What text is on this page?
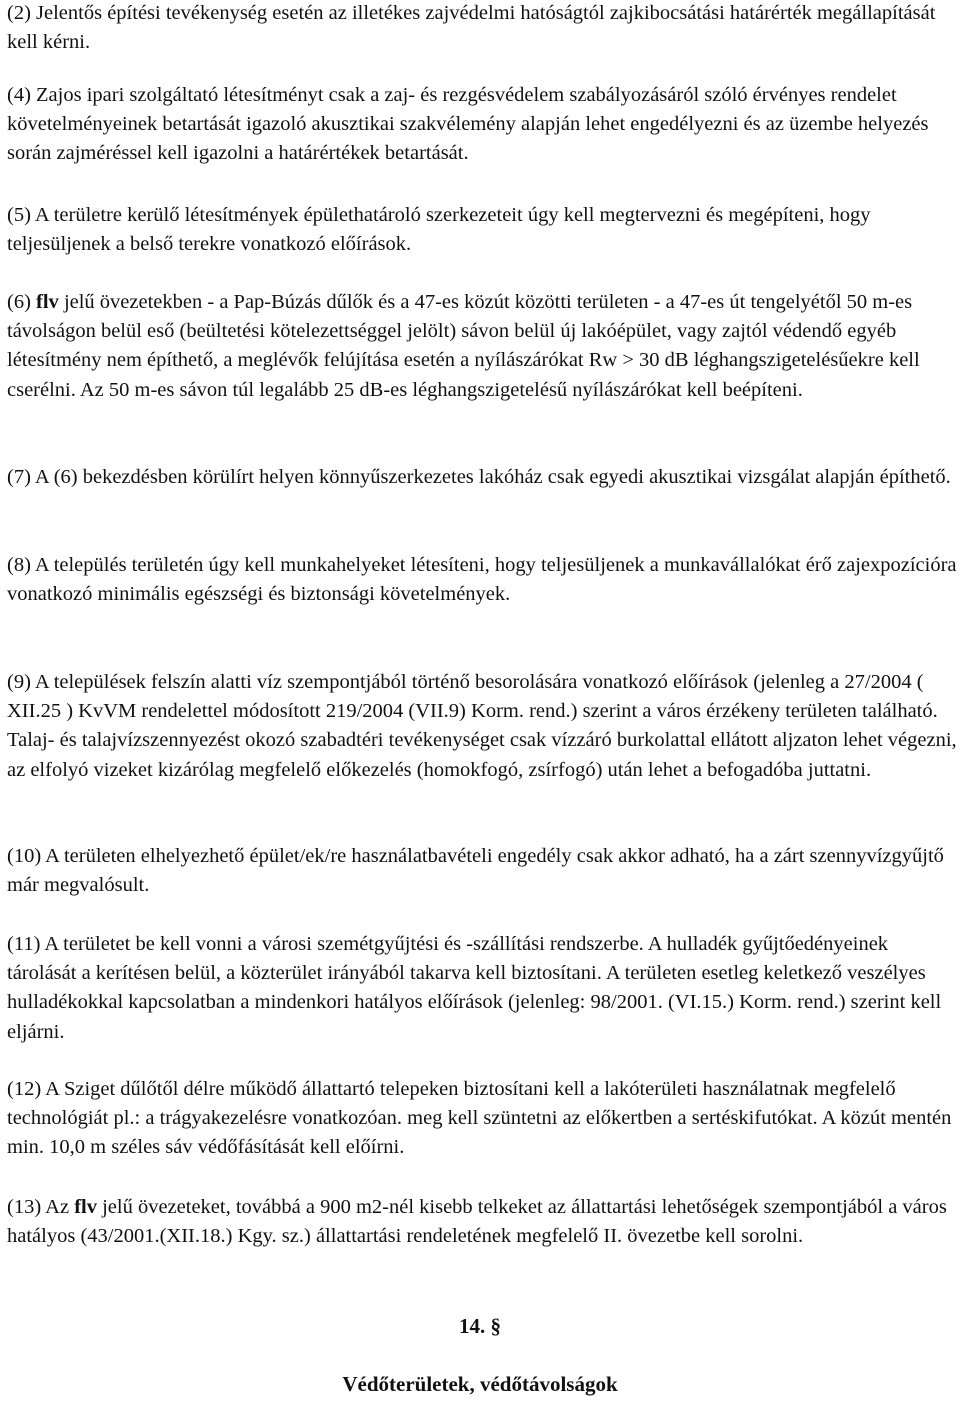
(2) Jelentős építési tevékenység esetén az illetékes zajvédelmi hatóságtól zajkibocsátási határérték megállapítását kell kérni.

(4) Zajos ipari szolgáltató létesítményt csak a zaj- és rezgésvédelem szabályozásáról szóló érvényes rendelet követelményeinek betartását igazoló akusztikai szakvélemény alapján lehet engedélyezni és az üzembe helyezés során zajméréssel kell igazolni a határértékek betartását.

(5) A területre kerülő létesítmények épülethatároló szerkezeteit úgy kell megtervezni és megépíteni, hogy teljesüljenek a belső terekre vonatkozó előírások.

(6) flv jelű övezetekben - a Pap-Búzás dűlők és a 47-es közút közötti területen - a 47-es út tengelyétől 50 m-es távolságon belül eső (beültetési kötelezettséggel jelölt) sávon belül új lakóépület, vagy zajtól védendő egyéb létesítmény nem építhető, a meglévők felújítása esetén a nyílászárókat Rw > 30 dB léghangszigetelésűekre kell cserélni. Az 50 m-es sávon túl legalább 25 dB-es léghangszigetelésű nyílászárókat kell beépíteni.

(7) A (6) bekezdésben körülírt helyen könnyűszerkezetes lakóház csak egyedi akusztikai vizsgálat alapján építhető.

(8) A település területén úgy kell munkahelyeket létesíteni, hogy teljesüljenek a munkavállalókat érő zajexpozícióra vonatkozó minimális egészségi és biztonsági követelmények.

(9) A települések felszín alatti víz szempontjából történő besorolására vonatkozó előírások (jelenleg a 27/2004 ( XII.25 ) KvVM rendelettel módosított 219/2004 (VII.9) Korm. rend.) szerint a város érzékeny területen található. Talaj- és talajvízszennyezést okozó szabadtéri tevékenységet csak vízzáró burkolattal ellátott aljzaton lehet végezni, az elfolyó vizeket kizárólag megfelelő előkezelés (homokfogó, zsírfogó) után lehet a befogadóba juttatni.

(10) A területen elhelyezhető épület/ek/re használatbavételi engedély csak akkor adható, ha a zárt szennyvízgyűjtő már megvalósult.

(11) A területet be kell vonni a városi szemétgyűjtési és -szállítási rendszerbe. A hulladék gyűjtőedényeinek tárolását a kerítésen belül, a közterület irányából takarva kell biztosítani. A területen esetleg keletkező veszélyes hulladékokkal kapcsolatban a mindenkori hatályos előírások (jelenleg: 98/2001. (VI.15.) Korm. rend.) szerint kell eljárni.

(12) A Sziget dűlőtől délre működő állattartó telepeken biztosítani kell a lakóterületi használatnak megfelelő technológiát pl.: a trágyakezelésre vonatkozóan. meg kell szüntetni az előkertben a sertéskifutókat. A közút mentén min. 10,0 m széles sáv védőfásítását kell előírni.

(13) Az flv jelű övezeteket, továbbá a 900 m2-nél kisebb telkeket az állattartási lehetőségek szempontjából a város hatályos (43/2001.(XII.18.) Kgy. sz.) állattartási rendeletének megfelelő II. övezetbe kell sorolni.

14. §
Védőterületek, védőtávolságok
